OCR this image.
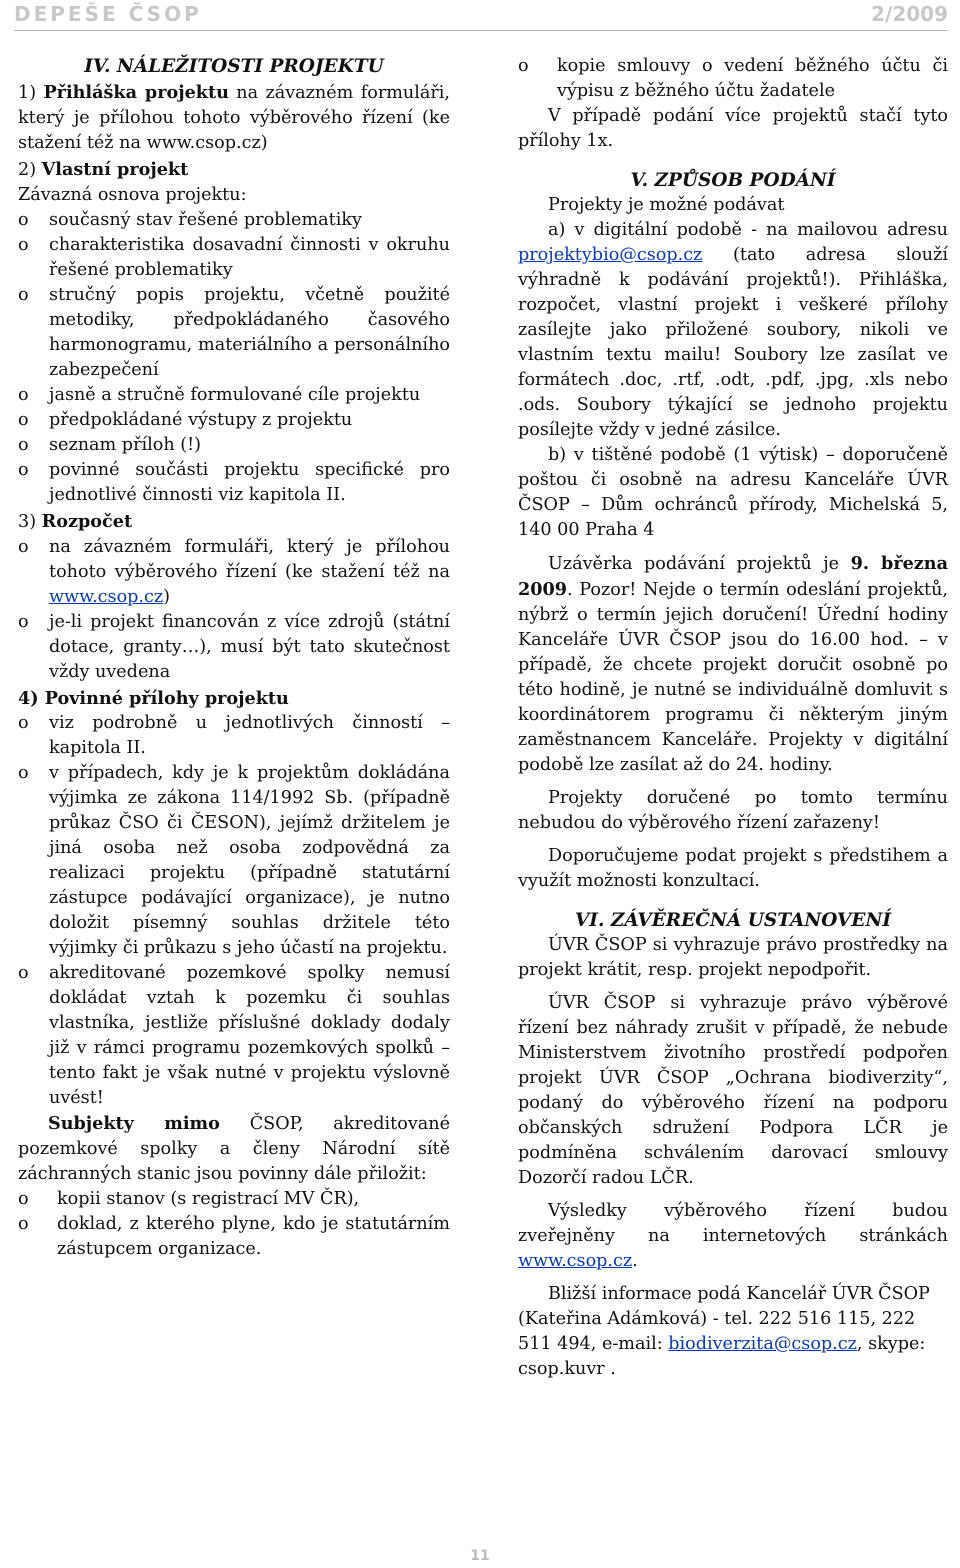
DEPEŠE ČSOP	2/2009

IV. NÁLEŽITOSTI PROJEKTU

1) Přihláška projektu na závazném formuláři, který je přílohou tohoto výběrového řízení (ke stažení též na www.csop.cz)

2) Vlastní projekt

Závazná osnova projektu:

o současný stav řešené problematiky

o charakteristika dosavadní činnosti v okruhu řešené problematiky

o stručný popis projektu, včetně použité metodiky, předpokládaného časového harmonogramu, materiálního a personálního zabezpečení

o jasně a stručně formulované cíle projektu

o předpokládané výstupy z projektu

o seznam příloh (!)

o povinné součásti projektu specifické pro jednotlivé činnosti viz kapitola II.

3) Rozpočet

o na závazném formuláři, který je přílohou tohoto výběrového řízení (ke stažení též na www.csop.cz)

o je-li projekt financován z více zdrojů (státní dotace, granty…), musí být tato skutečnost vždy uvedena

4) Povinné přílohy projektu

o viz podrobně u jednotlivých činností – kapitola II.

o v případech, kdy je k projektům dokládána výjimka ze zákona 114/1992 Sb. (případně průkaz ČSO či ČESON), jejímž držitelem je jiná osoba než osoba zodpovědná za realizaci projektu (případně statutární zástupce podávající organizace), je nutno doložit písemný souhlas držitele této výjimky či průkazu s jeho účastí na projektu.

o akreditované pozemkové spolky nemusí dokládat vztah k pozemku či souhlas vlastníka, jestliže příslušné doklady dodaly již v rámci programu pozemkových spolků – tento fakt je však nutné v projektu výslovně uvést!

Subjekty mimo ČSOP, akreditované pozemkové spolky a členy Národní sítě záchranných stanic jsou povinny dále přiložit:

o kopii stanov (s registrací MV ČR),

o doklad, z kterého plyne, kdo je statutárním zástupcem organizace.

o kopie smlouvy o vedení běžného účtu či výpisu z běžného účtu žadatele

V případě podání více projektů stačí tyto přílohy 1x.

V. ZPŮSOB PODÁNÍ

Projekty je možné podávat

a) v digitální podobě - na mailovou adresu projektybio@csop.cz (tato adresa slouží výhradně k podávání projektů!). Přihláška, rozpočet, vlastní projekt i veškeré přílohy zasílejte jako přiložené soubory, nikoli ve vlastním textu mailu! Soubory lze zasílat ve formátech .doc, .rtf, .odt, .pdf, .jpg, .xls nebo .ods. Soubory týkající se jednoho projektu posílejte vždy v jedné zásilce.

b) v tištěné podobě (1 výtisk) – doporučeně poštou či osobně na adresu Kanceláře ÚVR ČSOP – Dům ochránců přírody, Michelská 5, 140 00 Praha 4

Uzávěrka podávání projektů je 9. března 2009. Pozor! Nejde o termín odeslání projektů, nýbrž o termín jejich doručení! Úřední hodiny Kanceláře ÚVR ČSOP jsou do 16.00 hod. – v případě, že chcete projekt doručit osobně po této hodině, je nutné se individuálně domluvit s koordinátorem programu či některým jiným zaměstnancem Kanceláře. Projekty v digitální podobě lze zasílat až do 24. hodiny.

Projekty doručené po tomto termínu nebudou do výběrového řízení zařazeny!

Doporučujeme podat projekt s předstihem a využít možnosti konzultací.

VI. ZÁVĚREČNÁ USTANOVENÍ

ÚVR ČSOP si vyhrazuje právo prostředky na projekt krátit, resp. projekt nepodpořit.

ÚVR ČSOP si vyhrazuje právo výběrové řízení bez náhrady zrušit v případě, že nebude Ministerstvem životního prostředí podpořen projekt ÚVR ČSOP „Ochrana biodiverzity“, podaný do výběrového řízení na podporu občanských sdružení Podpora LČR je podmíněna schválením darovací smlouvy Dozorčí radou LČR.

Výsledky výběrového řízení budou zveřejněny na internetových stránkách www.csop.cz.

Bližší informace podá Kancelář ÚVR ČSOP (Kateřina Adámková) - tel. 222 516 115, 222 511 494, e-mail: biodiverzita@csop.cz, skype: csop.kuvr .

11
